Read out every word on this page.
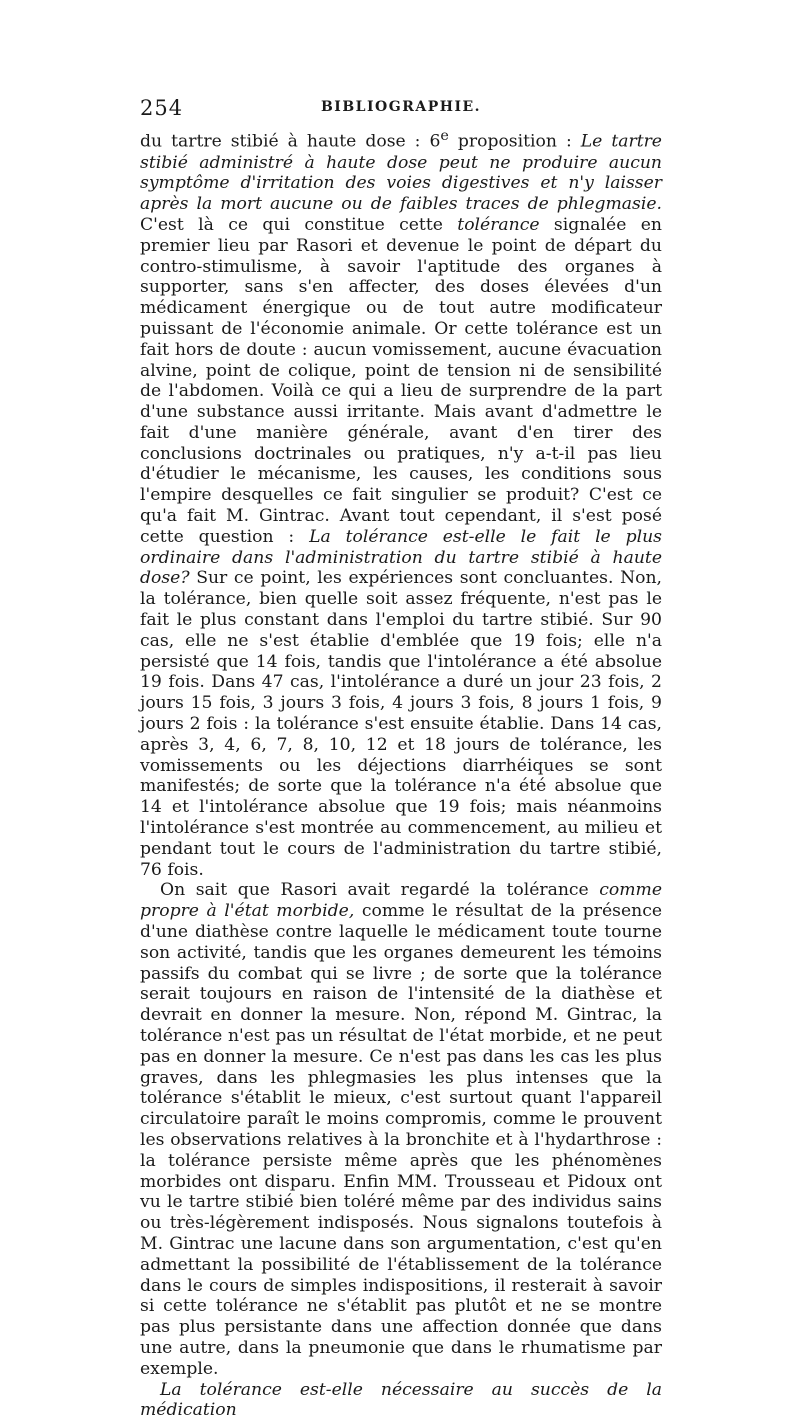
254	BIBLIOGRAPHIE.

du tartre stibié à haute dose : 6e proposition : Le tartre stibié administré à haute dose peut ne produire aucun symptôme d'irritation des voies digestives et n'y laisser après la mort aucune ou de faibles traces de phlegmasie. C'est là ce qui constitue cette tolérance signalée en premier lieu par Rasori et devenue le point de départ du contro-stimulisme, à savoir l'aptitude des organes à supporter, sans s'en affecter, des doses élevées d'un médicament énergique ou de tout autre modificateur puissant de l'économie animale. Or cette tolérance est un fait hors de doute : aucun vomissement, aucune évacuation alvine, point de colique, point de tension ni de sensibilité de l'abdomen. Voilà ce qui a lieu de surprendre de la part d'une substance aussi irritante. Mais avant d'admettre le fait d'une manière générale, avant d'en tirer des conclusions doctrinales ou pratiques, n'y a-t-il pas lieu d'étudier le mécanisme, les causes, les conditions sous l'empire desquelles ce fait singulier se produit? C'est ce qu'a fait M. Gintrac. Avant tout cependant, il s'est posé cette question : La tolérance est-elle le fait le plus ordinaire dans l'administration du tartre stibié à haute dose? Sur ce point, les expériences sont concluantes. Non, la tolérance, bien quelle soit assez fréquente, n'est pas le fait le plus constant dans l'emploi du tartre stibié. Sur 90 cas, elle ne s'est établie d'emblée que 19 fois; elle n'a persisté que 14 fois, tandis que l'intolérance a été absolue 19 fois. Dans 47 cas, l'intolérance a duré un jour 23 fois, 2 jours 15 fois, 3 jours 3 fois, 4 jours 3 fois, 8 jours 1 fois, 9 jours 2 fois : la tolérance s'est ensuite établie. Dans 14 cas, après 3, 4, 6, 7, 8, 10, 12 et 18 jours de tolérance, les vomissements ou les déjections diarrhéiques se sont manifestés; de sorte que la tolérance n'a été absolue que 14 et l'intolérance absolue que 19 fois; mais néanmoins l'intolérance s'est montrée au commencement, au milieu et pendant tout le cours de l'administration du tartre stibié, 76 fois.

On sait que Rasori avait regardé la tolérance comme propre à l'état morbide, comme le résultat de la présence d'une diathèse contre laquelle le médicament toute tourne son activité, tandis que les organes demeurent les témoins passifs du combat qui se livre ; de sorte que la tolérance serait toujours en raison de l'intensité de la diathèse et devrait en donner la mesure. Non, répond M. Gintrac, la tolérance n'est pas un résultat de l'état morbide, et ne peut pas en donner la mesure. Ce n'est pas dans les cas les plus graves, dans les phlegmasies les plus intenses que la tolérance s'établit le mieux, c'est surtout quant l'appareil circulatoire paraît le moins compromis, comme le prouvent les observations relatives à la bronchite et à l'hydarthrose : la tolérance persiste même après que les phénomènes morbides ont disparu. Enfin MM. Trousseau et Pidoux ont vu le tartre stibié bien toléré même par des individus sains ou très-légèrement indisposés. Nous signalons toutefois à M. Gintrac une lacune dans son argumentation, c'est qu'en admettant la possibilité de l'établissement de la tolérance dans le cours de simples indispositions, il resterait à savoir si cette tolérance ne s'établit pas plutôt et ne se montre pas plus persistante dans une affection donnée que dans une autre, dans la pneumonie que dans le rhumatisme par exemple.

La tolérance est-elle nécessaire au succès de la médication
